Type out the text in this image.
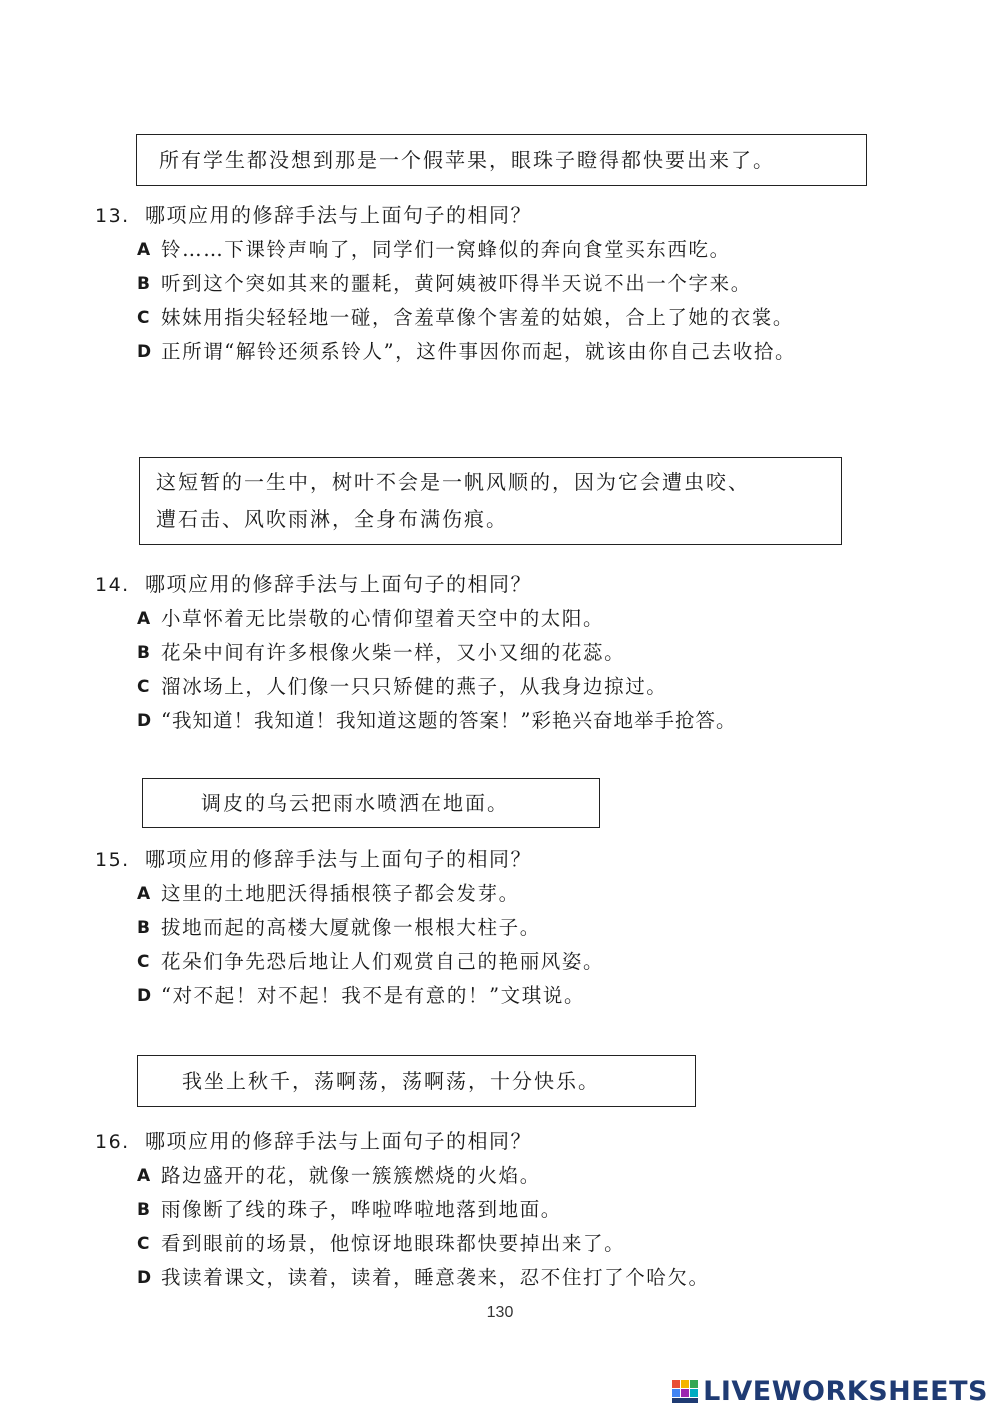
所有学生都没想到那是一个假苹果，眼珠子瞪得都快要出来了。

13. 哪项应用的修辞手法与上面句子的相同？
A 铃……下课铃声响了，同学们一窝蜂似的奔向食堂买东西吃。
B 听到这个突如其来的噩耗，黄阿姨被吓得半天说不出一个字来。
C 妹妹用指尖轻轻地一碰，含羞草像个害羞的姑娘，合上了她的衣裳。
D 正所谓“解铃还须系铃人”，这件事因你而起，就该由你自己去收拾。

这短暂的一生中，树叶不会是一帆风顺的，因为它会遭虫咬、

遭石击、风吹雨淋，全身布满伤痕。

14. 哪项应用的修辞手法与上面句子的相同？
A 小草怀着无比崇敬的心情仰望着天空中的太阳。
B 花朵中间有许多根像火柴一样，又小又细的花蕊。
C 溜冰场上，人们像一只只矫健的燕子，从我身边掠过。
D “我知道！我知道！我知道这题的答案！”彩艳兴奋地举手抢答。

调皮的乌云把雨水喷洒在地面。

15. 哪项应用的修辞手法与上面句子的相同？
A 这里的土地肥沃得插根筷子都会发芽。
B 拔地而起的高楼大厦就像一根根大柱子。
C 花朵们争先恐后地让人们观赏自己的艳丽风姿。
D “对不起！对不起！我不是有意的！”文琪说。

我坐上秋千，荡啊荡，荡啊荡，十分快乐。

16. 哪项应用的修辞手法与上面句子的相同？
A 路边盛开的花，就像一簇簇燃烧的火焰。
B 雨像断了线的珠子，哗啦哗啦地落到地面。
C 看到眼前的场景，他惊讶地眼珠都快要掉出来了。
D 我读着课文，读着，读着，睡意袭来，忍不住打了个哈欠。
130
LIVEWORKSHEETS
